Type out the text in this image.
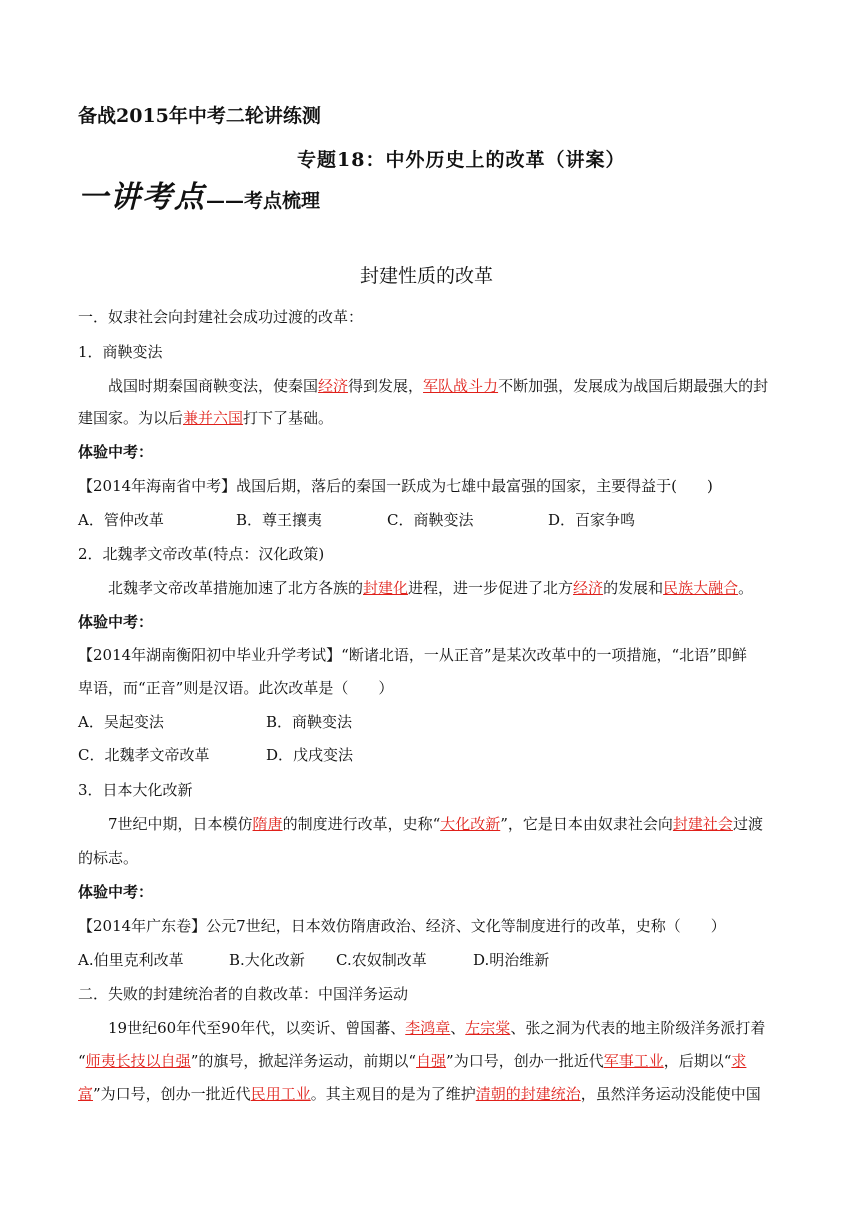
备战2015年中考二轮讲练测
专题18：中外历史上的改革（讲案）
一讲考点——考点梳理
封建性质的改革
一．奴隶社会向封建社会成功过渡的改革：
1．商鞅变法
战国时期秦国商鞅变法，使秦国经济得到发展，军队战斗力不断加强，发展成为战国后期最强大的封
建国家。为以后兼并六国打下了基础。
体验中考：
【2014年海南省中考】战国后期，落后的秦国一跃成为七雄中最富强的国家，主要得益于(　　)
A．管仲改革	B．尊王攘夷	C．商鞅变法	D．百家争鸣
2．北魏孝文帝改革(特点：汉化政策)
北魏孝文帝改革措施加速了北方各族的封建化进程，进一步促进了北方经济的发展和民族大融合。
体验中考：
【2014年湖南衡阳初中毕业升学考试】“断诸北语，一从正音”是某次改革中的一项措施，“北语”即鲜
卑语，而“正音”则是汉语。此次改革是（　　）
A．吴起变法	B．商鞅变法
C．北魏孝文帝改革	D．戊戌变法
3．日本大化改新
7世纪中期，日本模仿隋唐的制度进行改革，史称“大化改新”，它是日本由奴隶社会向封建社会过渡
的标志。
体验中考：
【2014年广东卷】公元7世纪，日本效仿隋唐政治、经济、文化等制度进行的改革，史称（　　）
A.伯里克利改革	B.大化改新 C.农奴制改革	D.明治维新
二．失败的封建统治者的自救改革：中国洋务运动
19世纪60年代至90年代，以奕䜣、曾国蕃、李鸿章、左宗棠、张之洞为代表的地主阶级洋务派打着
“师夷长技以自强”的旗号，掀起洋务运动，前期以“自强”为口号，创办一批近代军事工业，后期以“求
富”为口号，创办一批近代民用工业。其主观目的是为了维护清朝的封建统治，虽然洋务运动没能使中国
